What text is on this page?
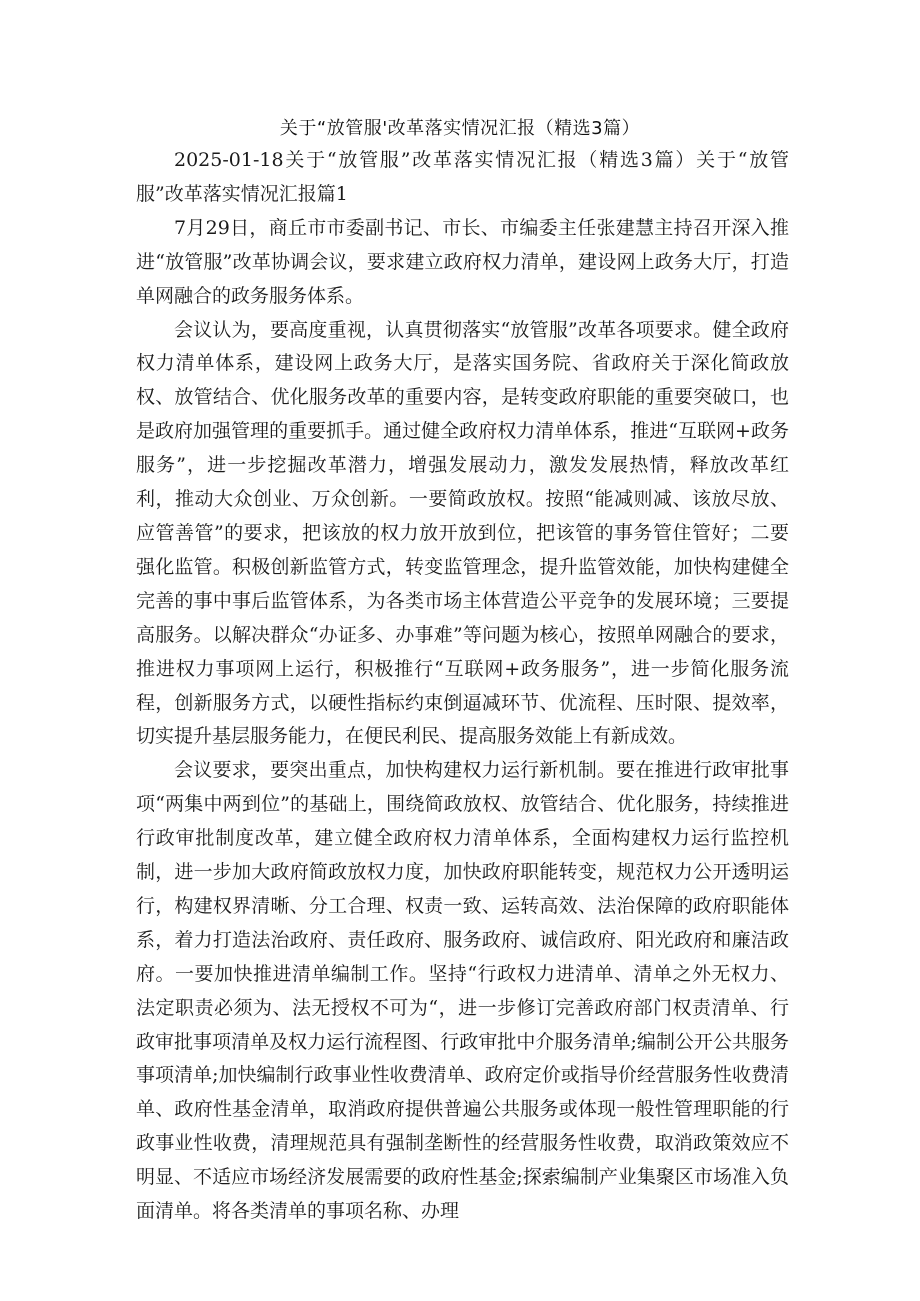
关于“放管服'改革落实情况汇报（精选3篇）

2025-01-18关于“放管服”改革落实情况汇报（精选3篇）关于“放管服”改革落实情况汇报篇1

7月29日，商丘市市委副书记、市长、市编委主任张建慧主持召开深入推进“放管服”改革协调会议，要求建立政府权力清单，建设网上政务大厅，打造单网融合的政务服务体系。

会议认为，要高度重视，认真贯彻落实“放管服”改革各项要求。健全政府权力清单体系，建设网上政务大厅，是落实国务院、省政府关于深化简政放权、放管结合、优化服务改革的重要内容，是转变政府职能的重要突破口，也是政府加强管理的重要抓手。通过健全政府权力清单体系，推进“互联网+政务服务”，进一步挖掘改革潜力，增强发展动力，激发发展热情，释放改革红利，推动大众创业、万众创新。一要简政放权。按照“能减则减、该放尽放、应管善管”的要求，把该放的权力放开放到位，把该管的事务管住管好；二要强化监管。积极创新监管方式，转变监管理念，提升监管效能，加快构建健全完善的事中事后监管体系，为各类市场主体营造公平竞争的发展环境；三要提高服务。以解决群众“办证多、办事难”等问题为核心，按照单网融合的要求，推进权力事项网上运行，积极推行“互联网+政务服务”，进一步简化服务流程，创新服务方式，以硬性指标约束倒逼减环节、优流程、压时限、提效率，切实提升基层服务能力，在便民利民、提高服务效能上有新成效。

会议要求，要突出重点，加快构建权力运行新机制。要在推进行政审批事项“两集中两到位”的基础上，围绕简政放权、放管结合、优化服务，持续推进行政审批制度改革，建立健全政府权力清单体系，全面构建权力运行监控机制，进一步加大政府简政放权力度，加快政府职能转变，规范权力公开透明运行，构建权界清晰、分工合理、权责一致、运转高效、法治保障的政府职能体系，着力打造法治政府、责任政府、服务政府、诚信政府、阳光政府和廉洁政府。一要加快推进清单编制工作。坚持“行政权力进清单、清单之外无权力、法定职责必须为、法无授权不可为“，进一步修订完善政府部门权责清单、行政审批事项清单及权力运行流程图、行政审批中介服务清单;编制公开公共服务事项清单;加快编制行政事业性收费清单、政府定价或指导价经营服务性收费清单、政府性基金清单，取消政府提供普遍公共服务或体现一般性管理职能的行政事业性收费，清理规范具有强制垄断性的经营服务性收费，取消政策效应不明显、不适应市场经济发展需要的政府性基金;探索编制产业集聚区市场准入负面清单。将各类清单的事项名称、办理
